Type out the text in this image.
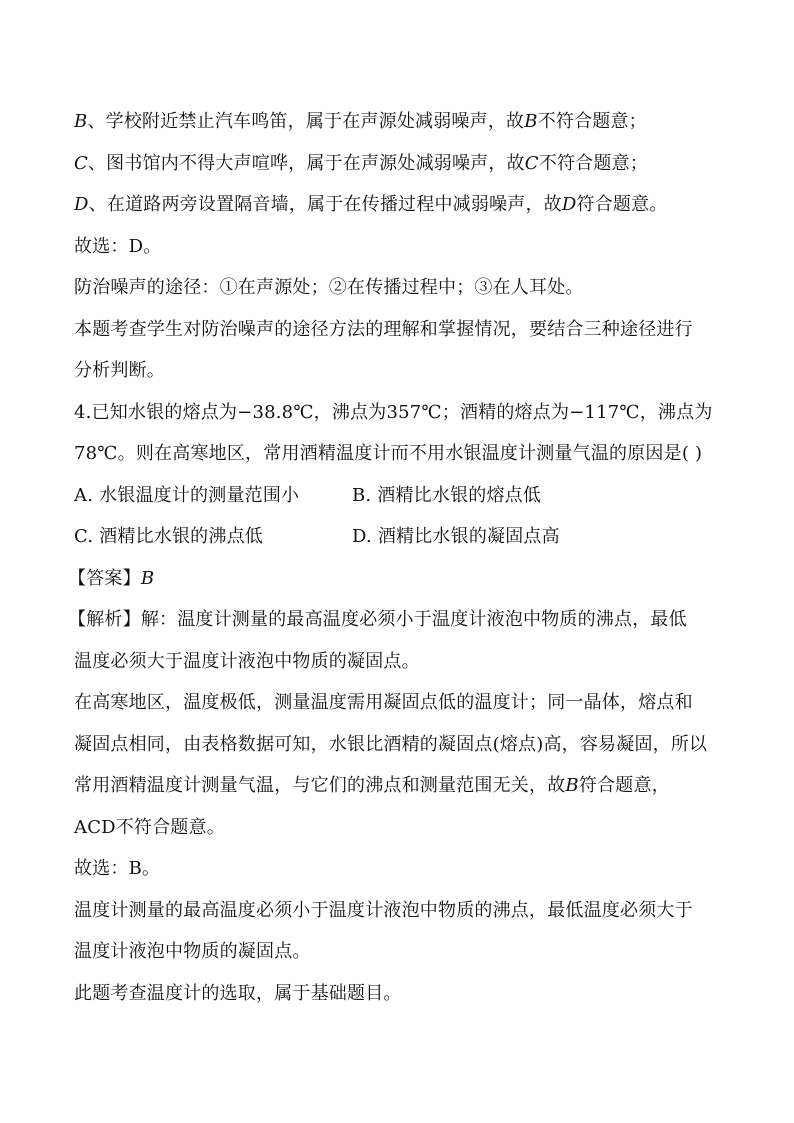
B、学校附近禁止汽车鸣笛，属于在声源处减弱噪声，故B不符合题意；
C、图书馆内不得大声喧哗，属于在声源处减弱噪声，故C不符合题意；
D、在道路两旁设置隔音墙，属于在传播过程中减弱噪声，故D符合题意。
故选：D。
防治噪声的途径：①在声源处；②在传播过程中；③在人耳处。
本题考查学生对防治噪声的途径方法的理解和掌握情况，要结合三种途径进行
分析判断。
4.已知水银的熔点为−38.8℃，沸点为357℃；酒精的熔点为−117℃，沸点为
78℃。则在高寒地区，常用酒精温度计而不用水银温度计测量气温的原因是( )
A. 水银温度计的测量范围小	B. 酒精比水银的熔点低
C. 酒精比水银的沸点低	D. 酒精比水银的凝固点高
【答案】B
【解析】解：温度计测量的最高温度必须小于温度计液泡中物质的沸点，最低
温度必须大于温度计液泡中物质的凝固点。
在高寒地区，温度极低，测量温度需用凝固点低的温度计；同一晶体，熔点和
凝固点相同，由表格数据可知，水银比酒精的凝固点(熔点)高，容易凝固，所以
常用酒精温度计测量气温，与它们的沸点和测量范围无关，故B符合题意，
ACD不符合题意。
故选：B。
温度计测量的最高温度必须小于温度计液泡中物质的沸点，最低温度必须大于
温度计液泡中物质的凝固点。
此题考查温度计的选取，属于基础题目。
